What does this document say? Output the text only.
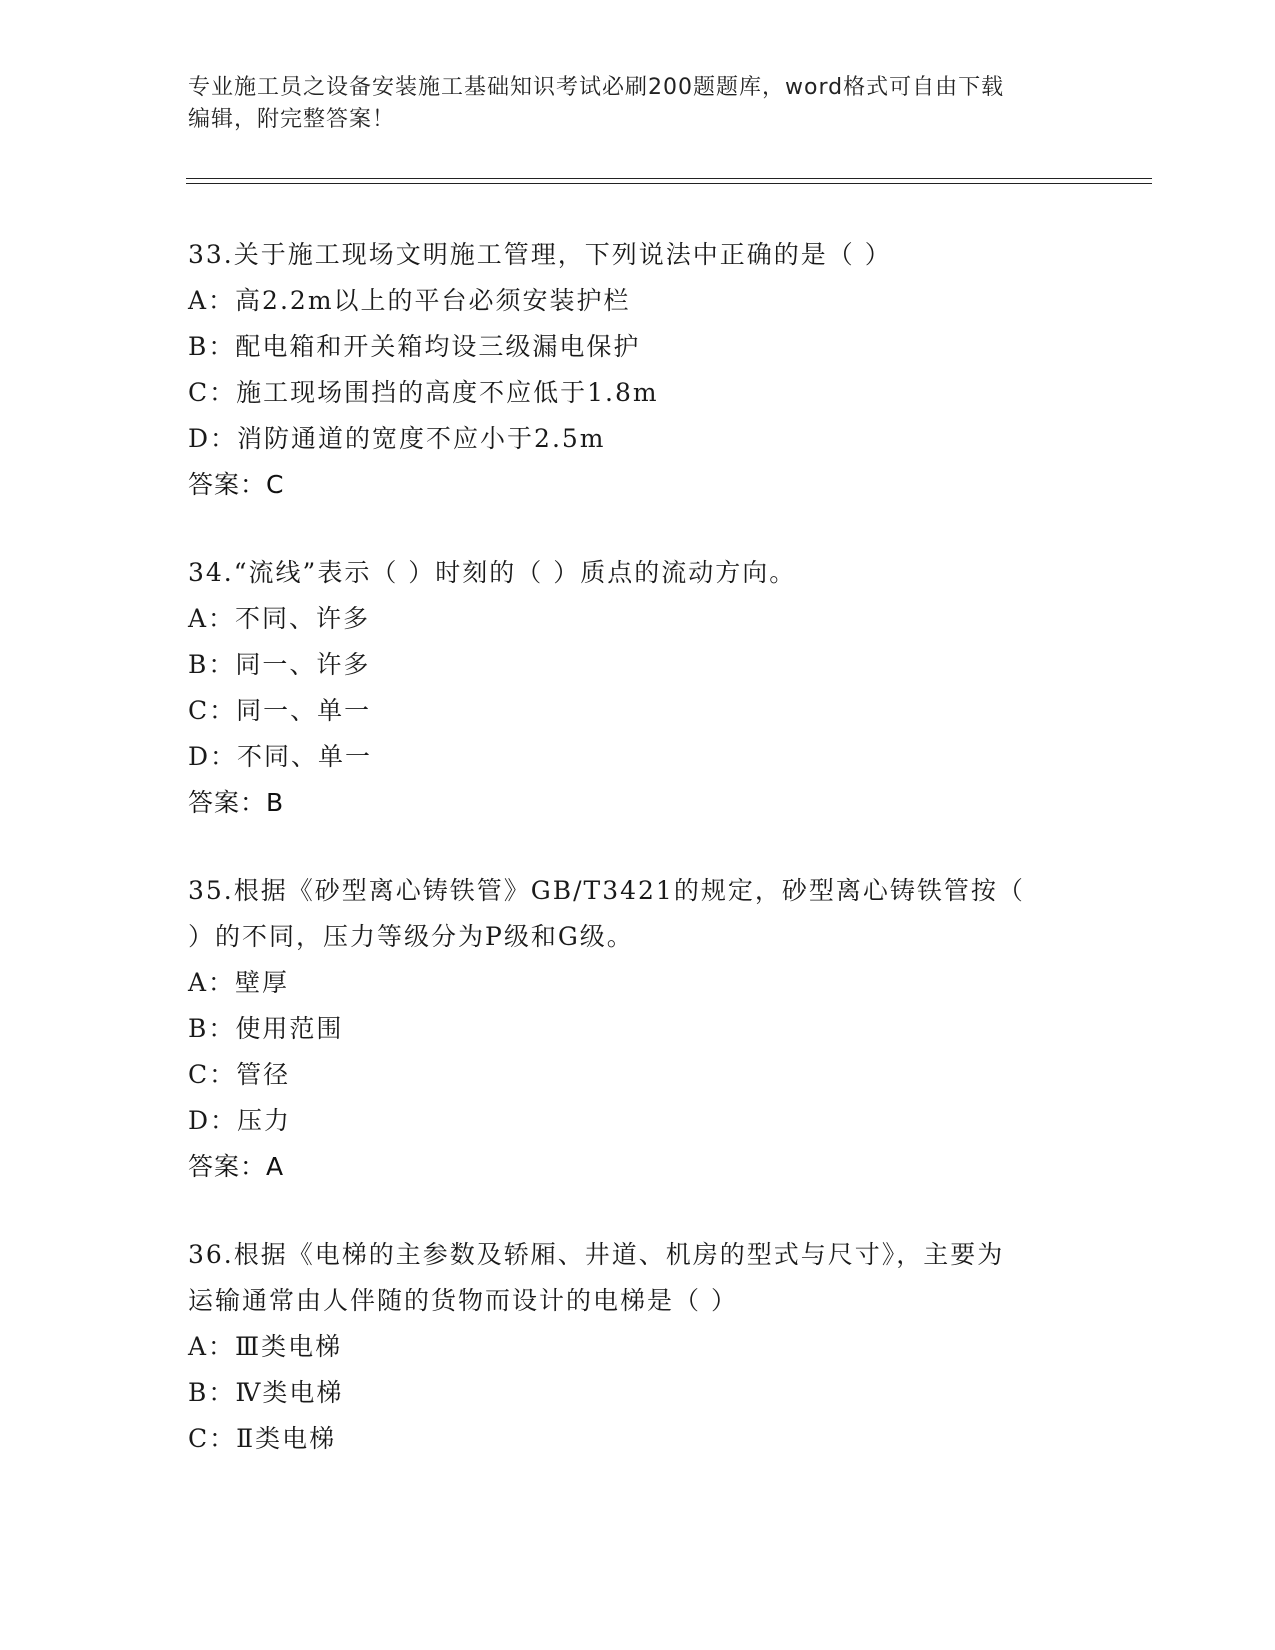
专业施工员之设备安装施工基础知识考试必刷200题题库，word格式可自由下载
编辑，附完整答案！
33.关于施工现场文明施工管理，下列说法中正确的是（ ）
A：高2.2m以上的平台必须安装护栏
B：配电箱和开关箱均设三级漏电保护
C：施工现场围挡的高度不应低于1.8m
D：消防通道的宽度不应小于2.5m
答案：C
34.“流线”表示（ ）时刻的（ ）质点的流动方向。
A：不同、许多
B：同一、许多
C：同一、单一
D：不同、单一
答案：B
35.根据《砂型离心铸铁管》GB/T3421的规定，砂型离心铸铁管按（
）的不同，压力等级分为P级和G级。
A：壁厚
B：使用范围
C：管径
D：压力
答案：A
36.根据《电梯的主参数及轿厢、井道、机房的型式与尺寸》，主要为
运输通常由人伴随的货物而设计的电梯是（ ）
A：Ⅲ类电梯
B：Ⅳ类电梯
C：Ⅱ类电梯
